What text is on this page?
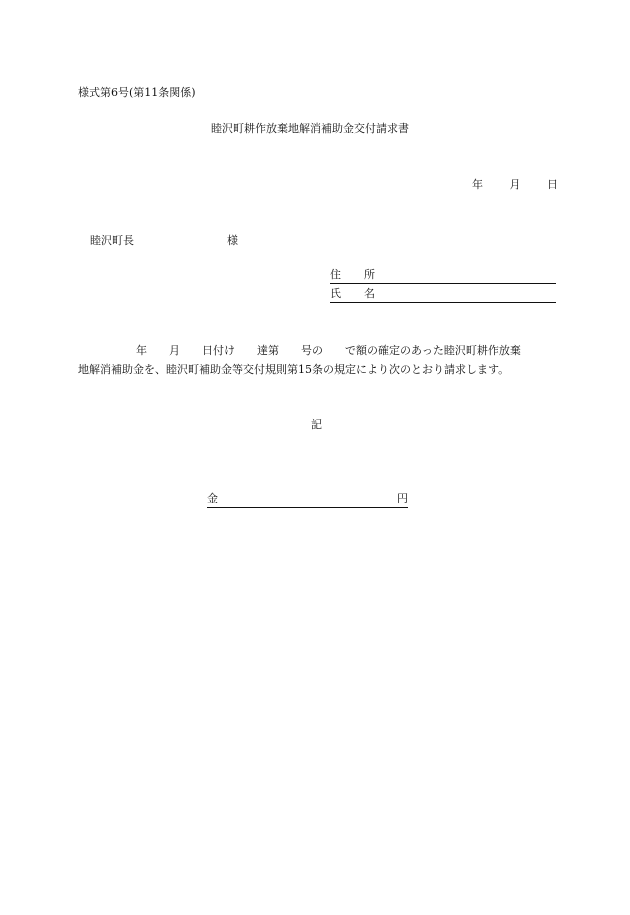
様式第6号(第11条関係)
睦沢町耕作放棄地解消補助金交付請求書
年 月 日
睦沢町長	様
住 所
氏 名
年 月 日付け 達第 号の で額の確定のあった睦沢町耕作放棄
地解消補助金を、睦沢町補助金等交付規則第15条の規定により次のとおり請求します。
記
金	円
